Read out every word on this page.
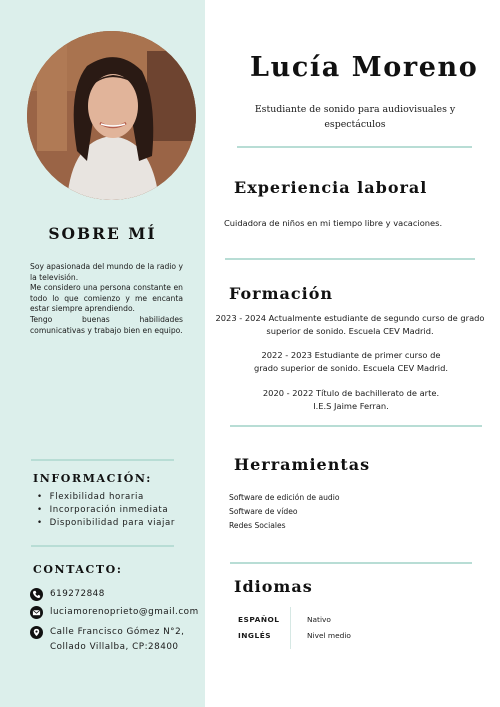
SOBRE MÍ

Soy apasionada del mundo de la radio y la televisión.

Me considero una persona constante en todo lo que comienzo y me encanta estar siempre aprendiendo.

Tengo buenas habilidades comunicativas y trabajo bien en equipo.

INFORMACIÓN:
• Flexibilidad horaria
• Incorporación inmediata
• Disponibilidad para viajar
CONTACTO:
619272848
luciamorenoprieto@gmail.com
Calle Francisco Gómez N°2,
Collado Villalba, CP:28400
Lucía Moreno
Estudiante de sonido para audiovisuales y
espectáculos
Experiencia laboral
Cuidadora de niños en mi tiempo libre y vacaciones.
Formación
2023 - 2024 Actualmente estudiante de segundo curso de grado
superior de sonido. Escuela CEV Madrid.
2022 - 2023 Estudiante de primer curso de
grado superior de sonido. Escuela CEV Madrid.
2020 - 2022 Título de bachillerato de arte.
I.E.S Jaime Ferran.
Herramientas
Software de edición de audio
Software de vídeo
Redes Sociales
Idiomas
ESPAÑOL
INGLÉS
Nativo
Nivel medio
